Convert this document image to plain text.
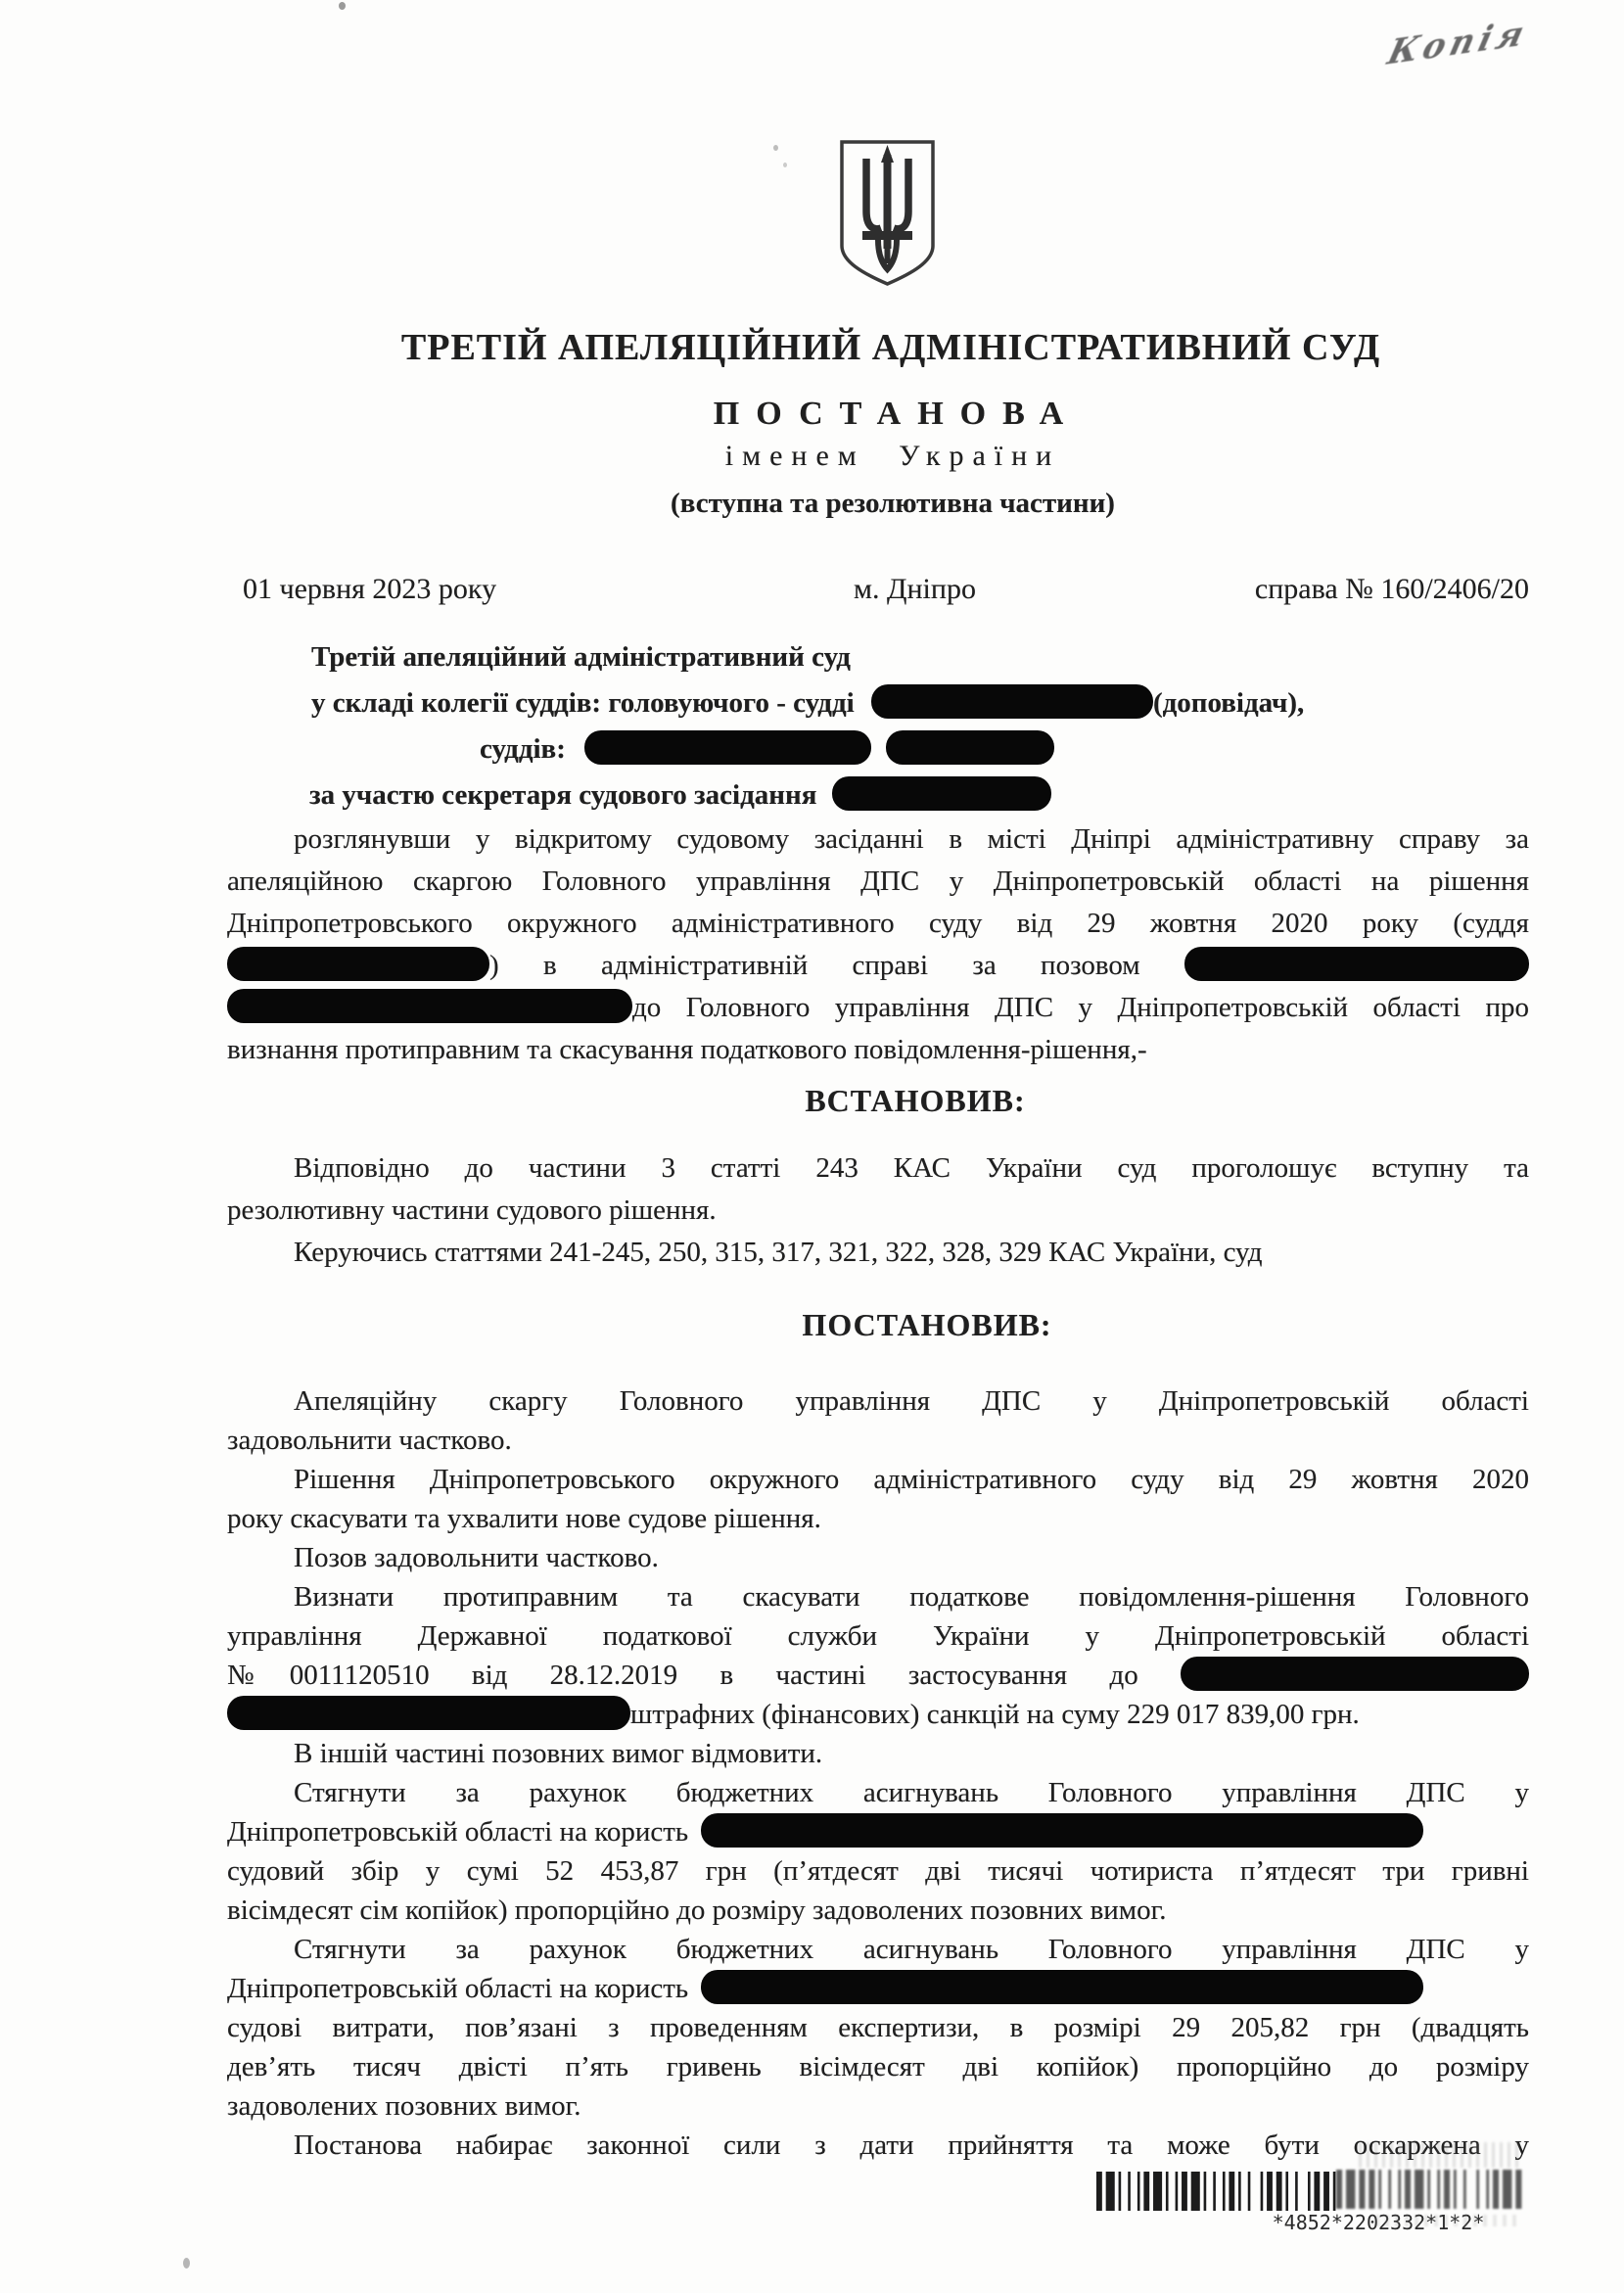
Копія
ТРЕТІЙ АПЕЛЯЦІЙНИЙ АДМІНІСТРАТИВНИЙ СУД
ПОСТАНОВА
іменем України
(вступна та резолютивна частини)
01 червня 2023 року	м. Дніпро	справа № 160/2406/20
Третій апеляційний адміністративний суд
у складі колегії суддів: головуючого - судді	(доповідач),
суддів:
за участю секретаря судового засідання
розглянувши у відкритому судовому засіданні в місті Дніпрі адміністративну справу за
апеляційною скаргою Головного управління ДПС у Дніпропетровській області на рішення
Дніпропетровського окружного адміністративного суду від 29 жовтня 2020 року (суддя
) в адміністративній справі за позовом
до Головного управління ДПС у Дніпропетровській області про
визнання протиправним та скасування податкового повідомлення-рішення,-
ВСТАНОВИВ:
Відповідно до частини 3 статті 243 КАС України суд проголошує вступну та
резолютивну частини судового рішення.
Керуючись статтями 241-245, 250, 315, 317, 321, 322, 328, 329 КАС України, суд
ПОСТАНОВИВ:
Апеляційну скаргу Головного управління ДПС у Дніпропетровській області
задовольнити частково.
Рішення Дніпропетровського окружного адміністративного суду від 29 жовтня 2020
року скасувати та ухвалити нове судове рішення.
Позов задовольнити частково.
Визнати протиправним та скасувати податкове повідомлення-рішення Головного
управління Державної податкової служби України у Дніпропетровській області
№0011120510 від 28.12.2019 в частині застосування до
штрафних (фінансових) санкцій на суму 229 017 839,00 грн.
В іншій частині позовних вимог відмовити.
Стягнути за рахунок бюджетних асигнувань Головного управління ДПС у
Дніпропетровській області на користь
судовий збір у сумі 52 453,87 грн (п’ятдесят дві тисячі чотириста п’ятдесят три гривні
вісімдесят сім копійок) пропорційно до розміру задоволених позовних вимог.
Стягнути за рахунок бюджетних асигнувань Головного управління ДПС у
Дніпропетровській області на користь
судові витрати, пов’язані з проведенням експертизи, в розмірі 29 205,82 грн (двадцять
дев’ять тисяч двісті п’ять гривень вісімдесят дві копійок) пропорційно до розміру
задоволених позовних вимог.
Постанова набирає законної сили з дати прийняття та може бути оскаржена у
*4852*2202332*1*2*
